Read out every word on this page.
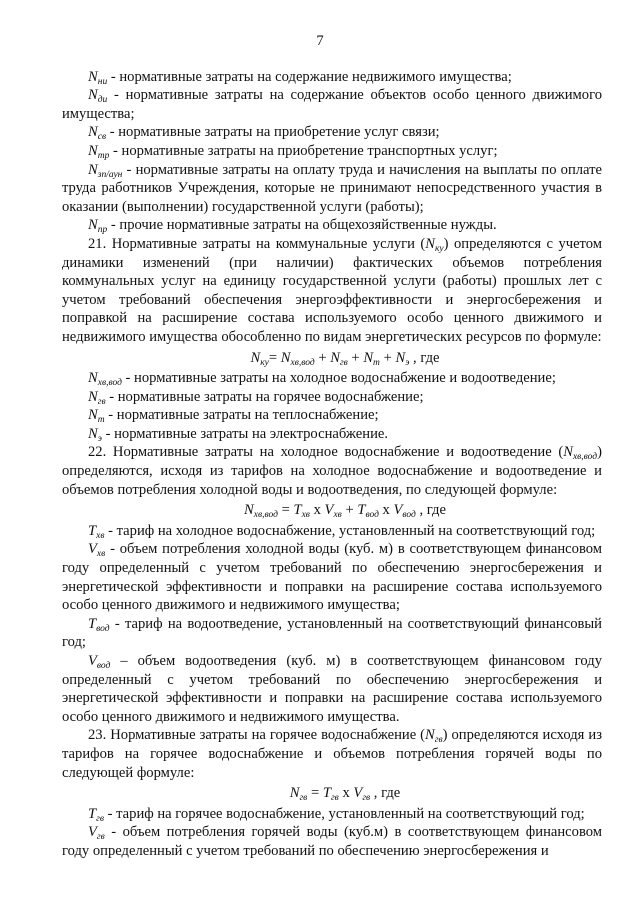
7

$N_{ни}$ - нормативные затраты на содержание недвижимого имущества;

$N_{ди}$ - нормативные затраты на содержание объектов особо ценного движимого имущества;

$N_{св}$ - нормативные затраты на приобретение услуг связи;

$N_{тр}$ - нормативные затраты на приобретение транспортных услуг;

$N_{зп/аун}$ - нормативные затраты на оплату труда и начисления на выплаты по оплате труда работников Учреждения, которые не принимают непосредственного участия в оказании (выполнении) государственной услуги (работы);

$N_{пр}$ - прочие нормативные затраты на общехозяйственные нужды.

21. Нормативные затраты на коммунальные услуги $(N_{ку})$ определяются с учетом динамики изменений (при наличии) фактических объемов потребления коммунальных услуг на единицу государственной услуги (работы) прошлых лет с учетом требований обеспечения энергоэффективности и энергосбережения и поправкой на расширение состава используемого особо ценного движимого и недвижимого имущества обособленно по видам энергетических ресурсов по формуле:

$N_{ку}= N_{хв,вод} + N_{гв} + N_т + N_э$ , где

$N_{хв,вод}$ - нормативные затраты на холодное водоснабжение и водоотведение;

$N_{гв}$ - нормативные затраты на горячее водоснабжение;

$N_т$ - нормативные затраты на теплоснабжение;

$N_э$ - нормативные затраты на электроснабжение.

22. Нормативные затраты на холодное водоснабжение и водоотведение $(N_{хв,вод})$ определяются, исходя из тарифов на холодное водоснабжение и водоотведение и объемов потребления холодной воды и водоотведения, по следующей формуле:

$N_{хв,вод} = Т_{хв}$ x $V_{хв} + Т_{вод}$ x $V_{вод}$ , где

$Т_{хв}$ - тариф на холодное водоснабжение, установленный на соответствующий год;

$V_{хв}$ - объем потребления холодной воды (куб. м) в соответствующем финансовом году определенный с учетом требований по обеспечению энергосбережения и энергетической эффективности и поправки на расширение состава используемого особо ценного движимого и недвижимого имущества;

$Т_{вод}$ - тариф на водоотведение, установленный на соответствующий финансовый год;

$V_{вод}$ – объем водоотведения (куб. м) в соответствующем финансовом году определенный с учетом требований по обеспечению энергосбережения и энергетической эффективности и поправки на расширение состава используемого особо ценного движимого и недвижимого имущества.

23. Нормативные затраты на горячее водоснабжение $(N_{гв})$ определяются исходя из тарифов на горячее водоснабжение и объемов потребления горячей воды по следующей формуле:

$N_{гв} = Т_{гв}$ x $V_{гв}$ , где

$Т_{гв}$ - тариф на горячее водоснабжение, установленный на соответствующий год;

$V_{гв}$ - объем потребления горячей воды (куб.м) в соответствующем финансовом году определенный с учетом требований по обеспечению энергосбережения и
